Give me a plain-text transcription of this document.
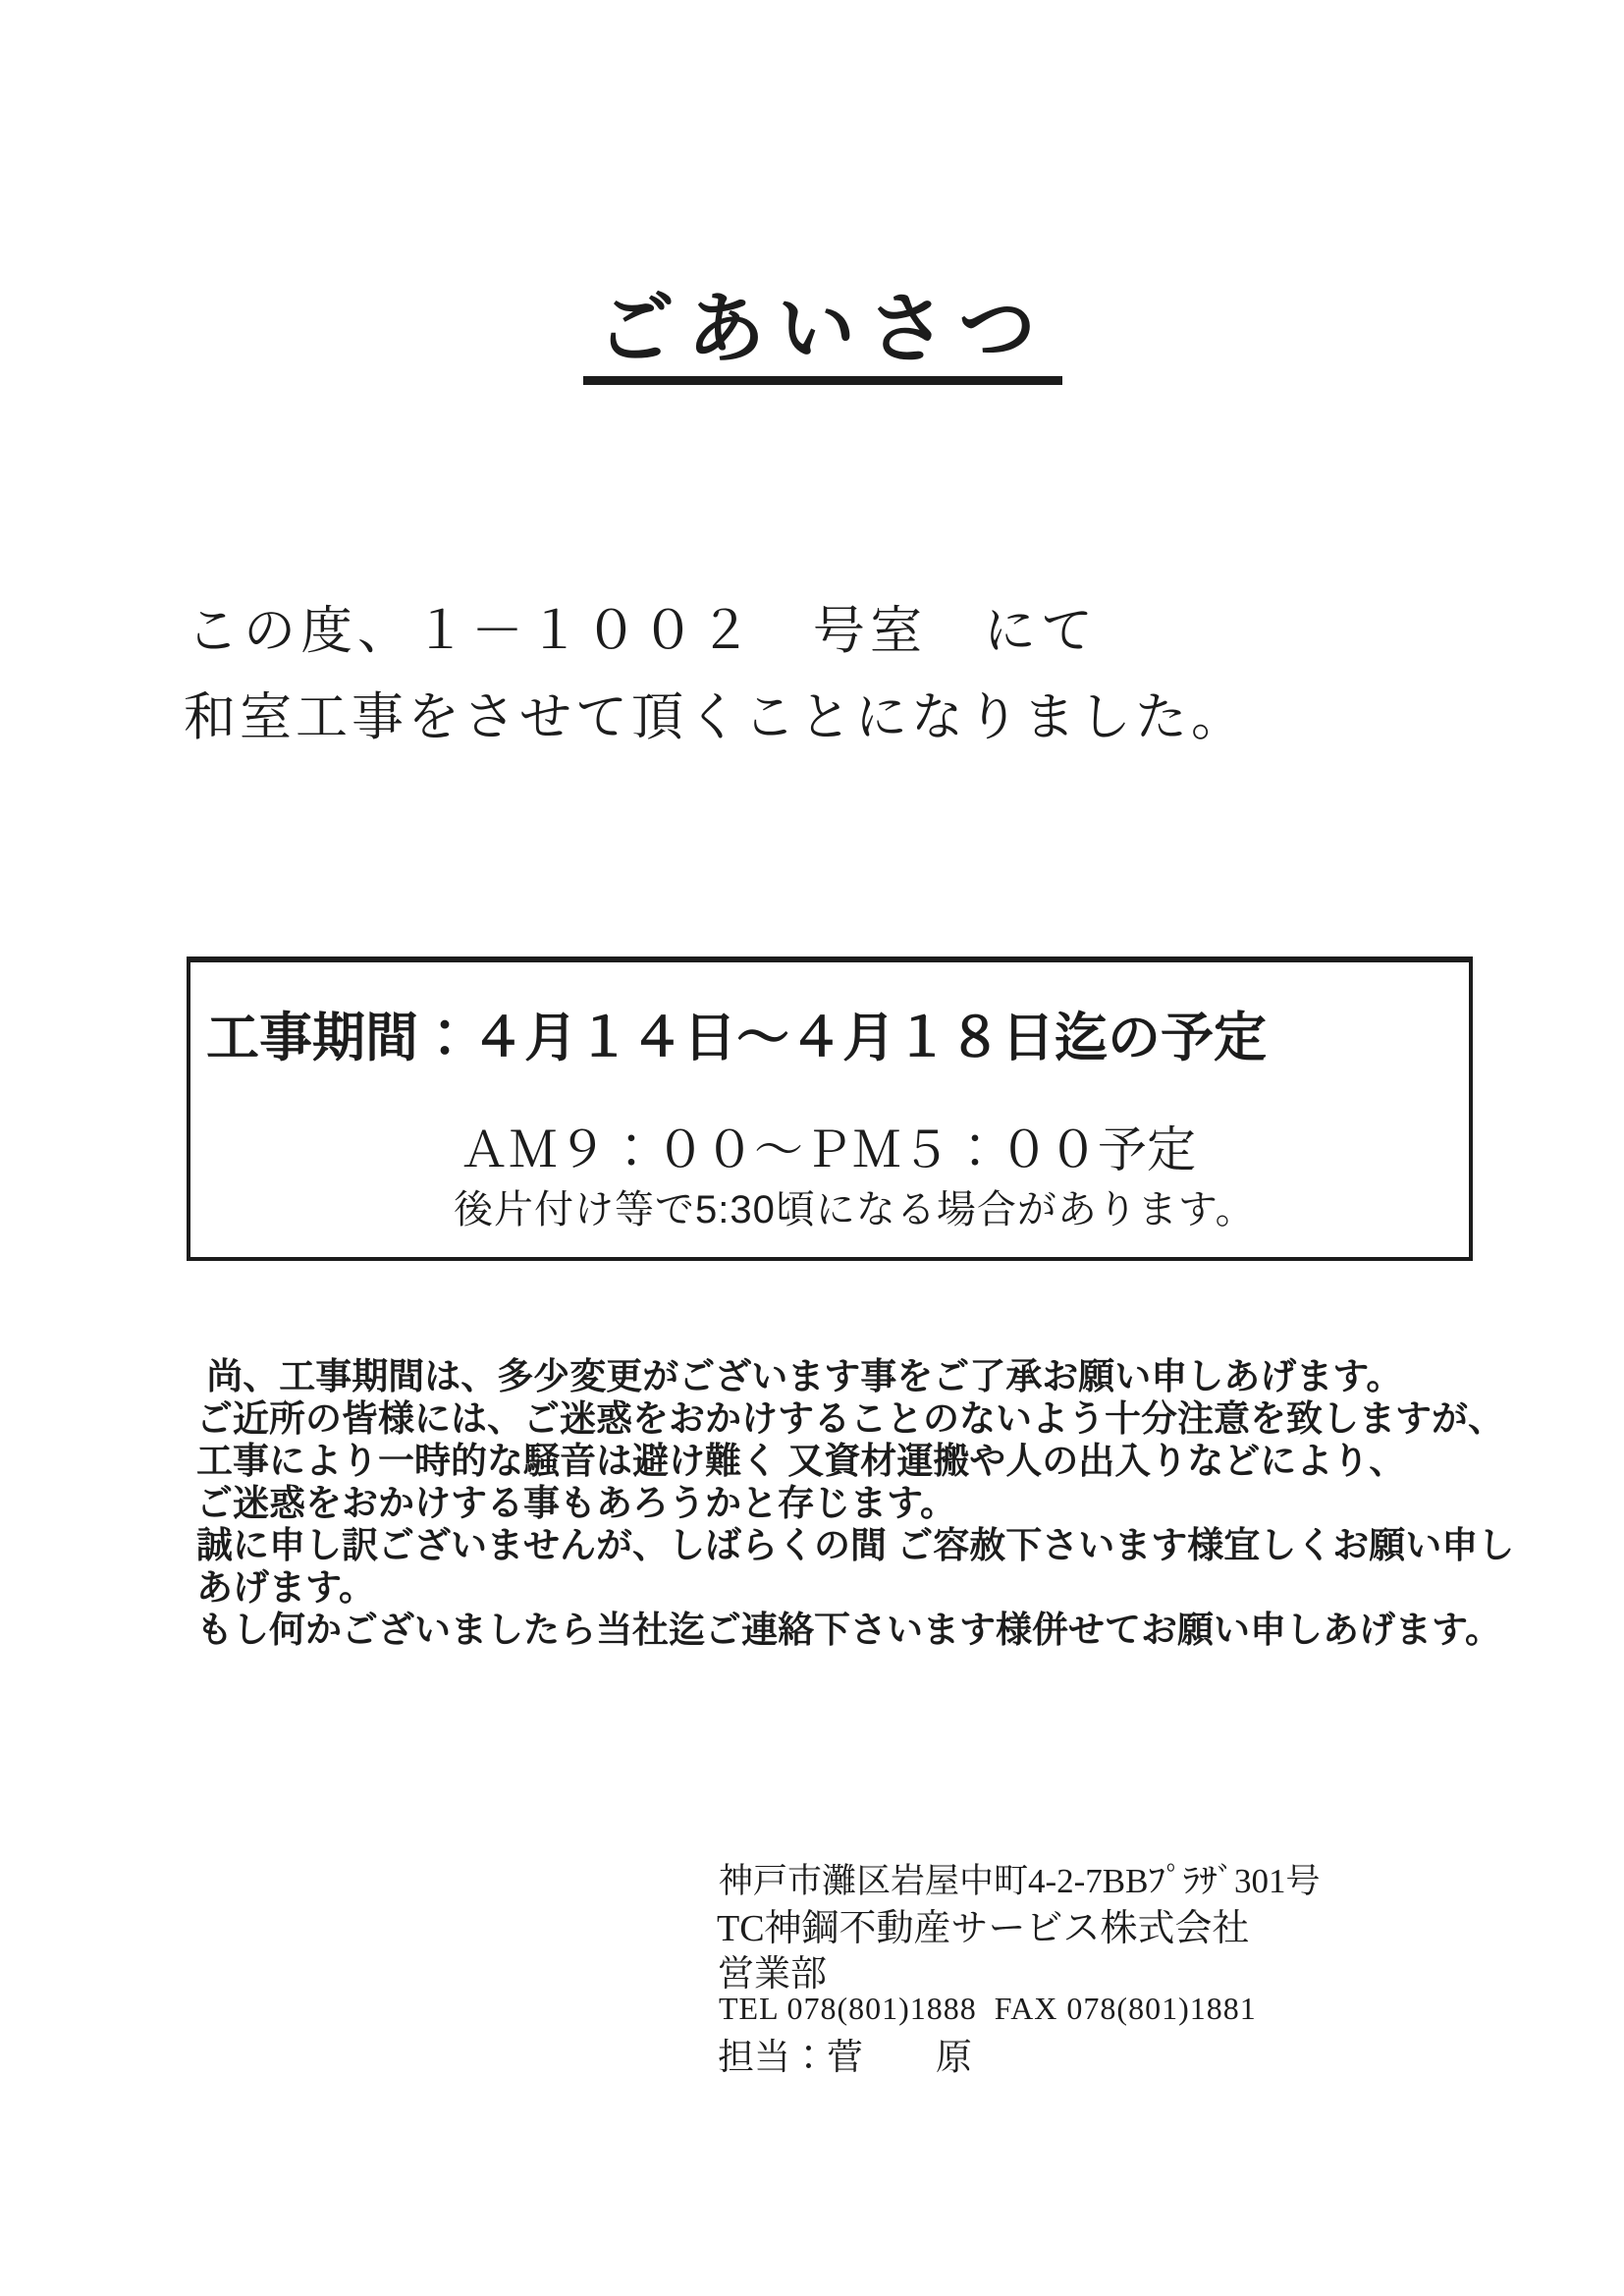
ごあいさつ
この度、１－１００２　号室　にて
和室工事をさせて頂くことになりました。
工事期間：４月１４日～４月１８日迄の予定
ＡＭ９：００～ＰＭ５：００予定
後片付け等で5:30頃になる場合があります。
尚、工事期間は、多少変更がございます事をご了承お願い申しあげます。
ご近所の皆様には、ご迷惑をおかけすることのないよう十分注意を致しますが、
工事により一時的な騒音は避け難く 又資材運搬や人の出入りなどにより、
ご迷惑をおかけする事もあろうかと存じます。
誠に申し訳ございませんが、しばらくの間 ご容赦下さいます様宜しくお願い申し
あげます。
もし何かございましたら当社迄ご連絡下さいます様併せてお願い申しあげます。
神戸市灘区岩屋中町4-2-7BBﾌﾟﾗｻﾞ301号
TC神鋼不動産サービス株式会社
営業部
TEL 078(801)1888  FAX 078(801)1881
担当：菅　　原
